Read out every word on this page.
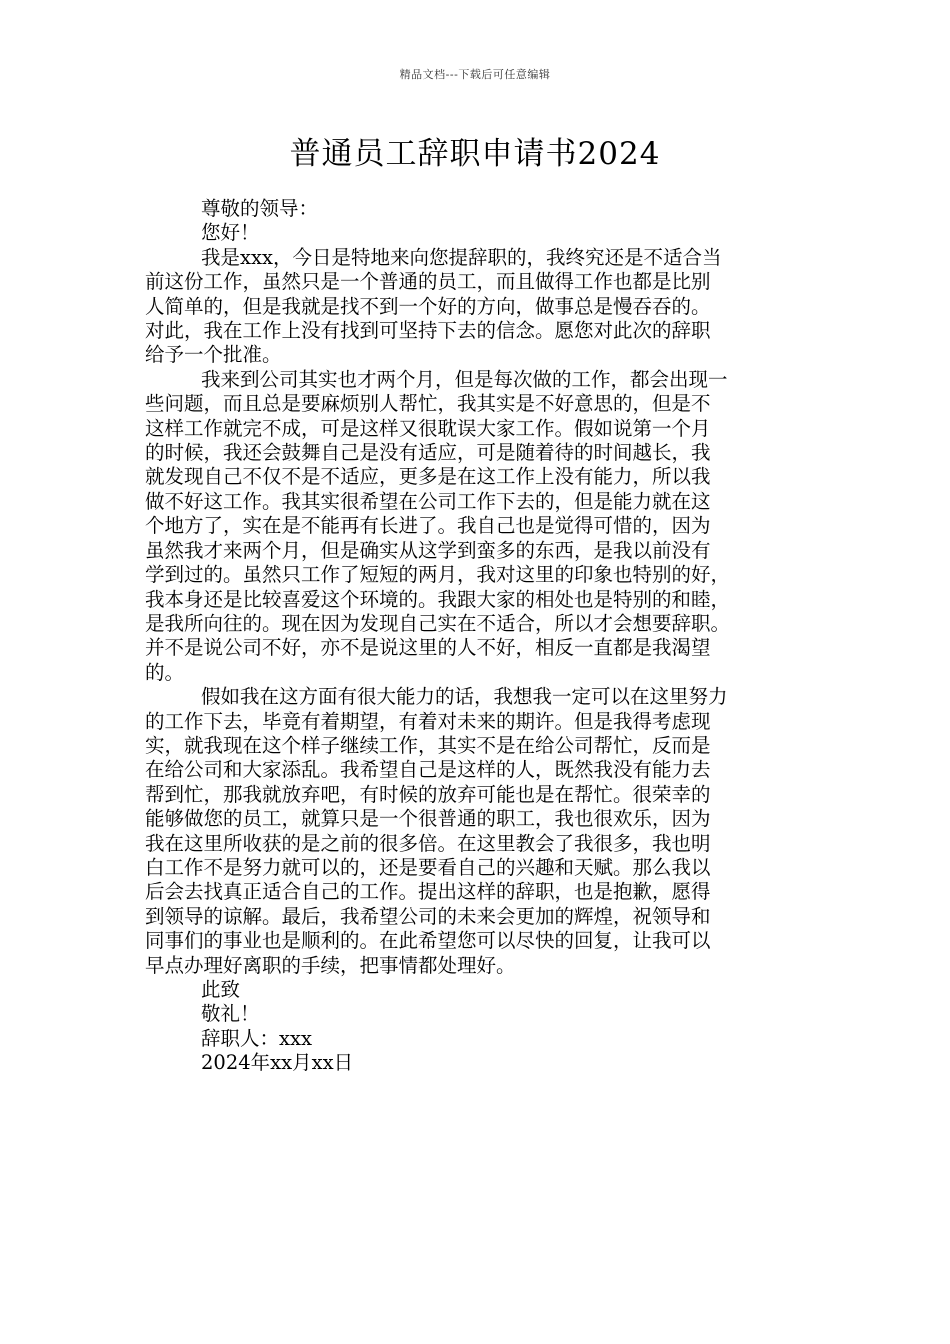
精品文档---下载后可任意编辑
普通员工辞职申请书2024
尊敬的领导：
您好！
我是xxx，今日是特地来向您提辞职的，我终究还是不适合当
前这份工作，虽然只是一个普通的员工，而且做得工作也都是比别
人简单的，但是我就是找不到一个好的方向，做事总是慢吞吞的。
对此，我在工作上没有找到可坚持下去的信念。愿您对此次的辞职
给予一个批准。
我来到公司其实也才两个月，但是每次做的工作，都会出现一
些问题，而且总是要麻烦别人帮忙，我其实是不好意思的，但是不
这样工作就完不成，可是这样又很耽误大家工作。假如说第一个月
的时候，我还会鼓舞自己是没有适应，可是随着待的时间越长，我
就发现自己不仅不是不适应，更多是在这工作上没有能力，所以我
做不好这工作。我其实很希望在公司工作下去的，但是能力就在这
个地方了，实在是不能再有长进了。我自己也是觉得可惜的，因为
虽然我才来两个月，但是确实从这学到蛮多的东西，是我以前没有
学到过的。虽然只工作了短短的两月，我对这里的印象也特别的好，
我本身还是比较喜爱这个环境的。我跟大家的相处也是特别的和睦，
是我所向往的。现在因为发现自己实在不适合，所以才会想要辞职。
并不是说公司不好，亦不是说这里的人不好，相反一直都是我渴望
的。
假如我在这方面有很大能力的话，我想我一定可以在这里努力
的工作下去，毕竟有着期望，有着对未来的期许。但是我得考虑现
实，就我现在这个样子继续工作，其实不是在给公司帮忙，反而是
在给公司和大家添乱。我希望自己是这样的人，既然我没有能力去
帮到忙，那我就放弃吧，有时候的放弃可能也是在帮忙。很荣幸的
能够做您的员工，就算只是一个很普通的职工，我也很欢乐，因为
我在这里所收获的是之前的很多倍。在这里教会了我很多，我也明
白工作不是努力就可以的，还是要看自己的兴趣和天赋。那么我以
后会去找真正适合自己的工作。提出这样的辞职，也是抱歉，愿得
到领导的谅解。最后，我希望公司的未来会更加的辉煌，祝领导和
同事们的事业也是顺利的。在此希望您可以尽快的回复，让我可以
早点办理好离职的手续，把事情都处理好。
此致
敬礼！
辞职人：xxx
2024年xx月xx日
